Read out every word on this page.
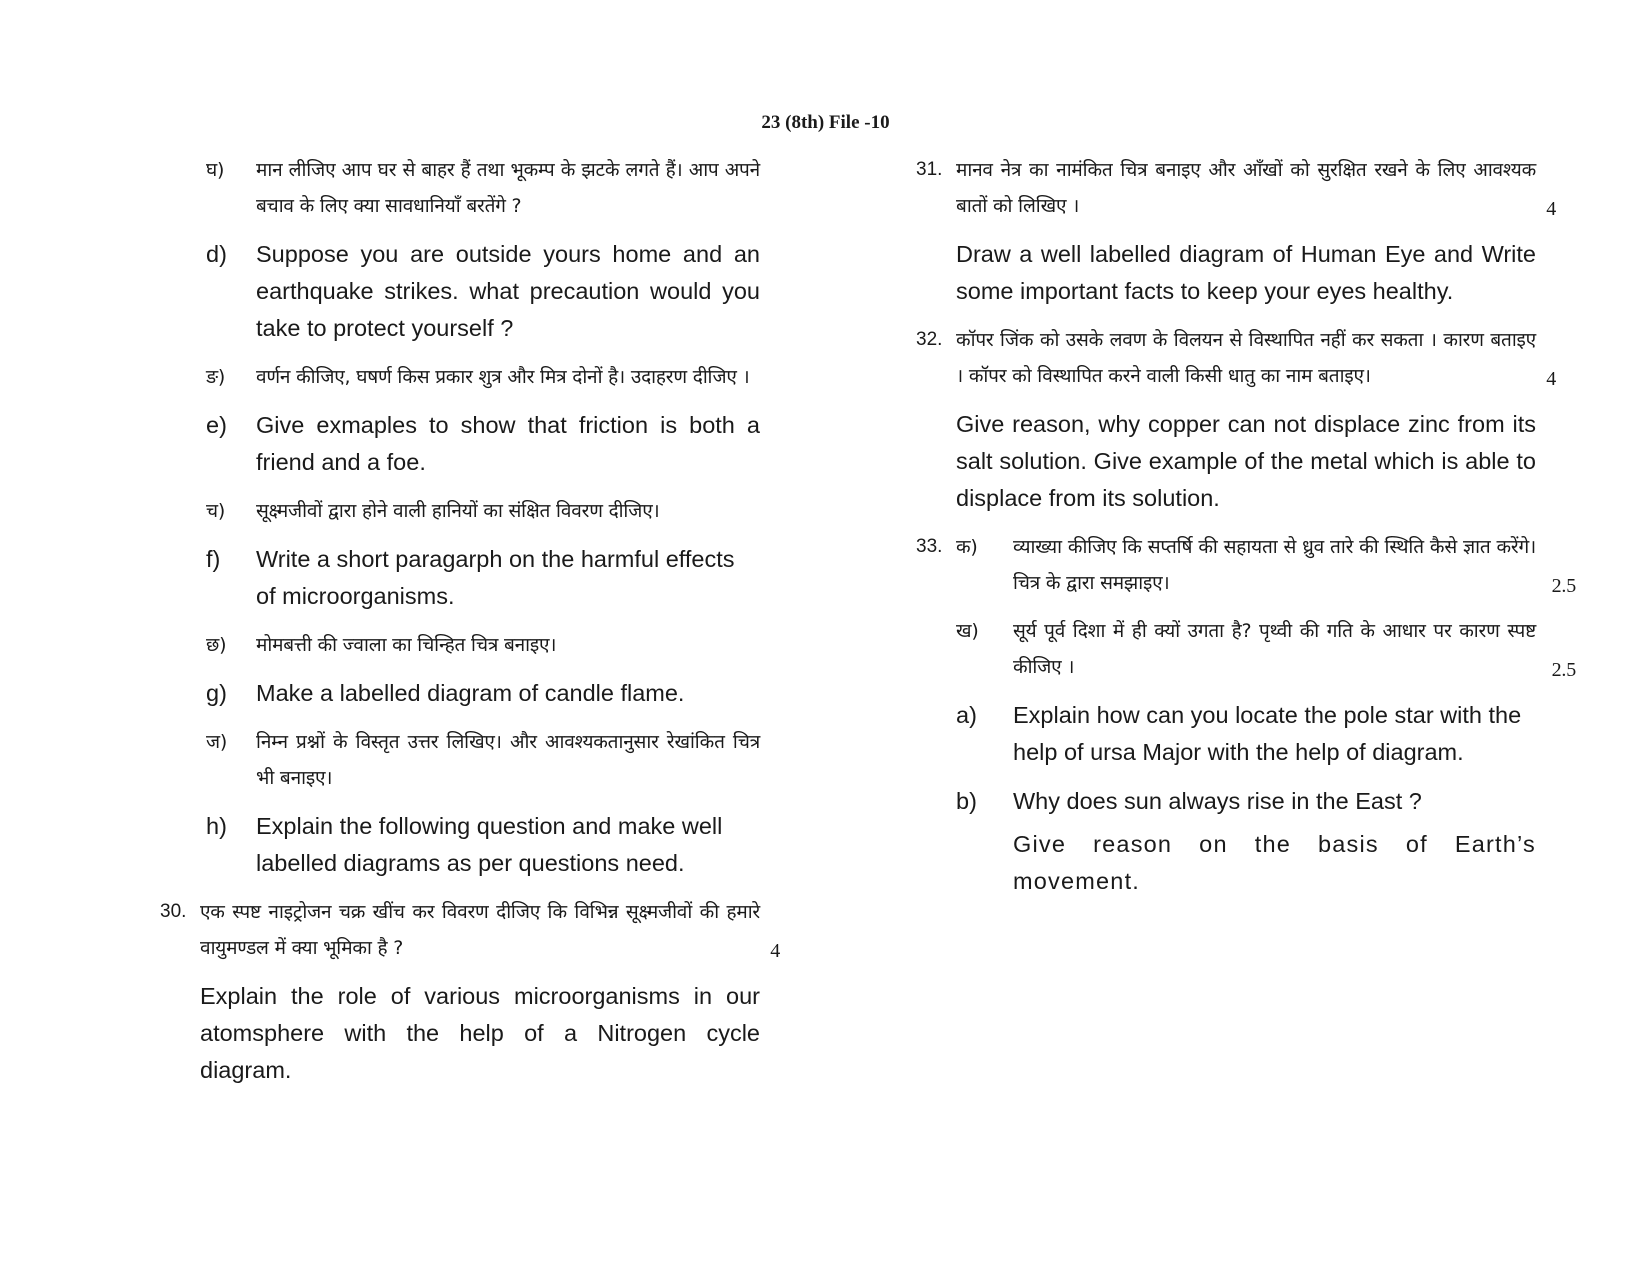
23 (8th) File -10
घ)	मान लीजिए आप घर से बाहर हैं तथा भूकम्प के झटके लगते हैं। आप अपने बचाव के लिए क्या सावधानियाँ बरतेंगे ?
d)	Suppose you are outside yours home and an earthquake strikes. what precaution would you take to protect yourself ?
ङ)	वर्णन कीजिए, घषर्ण किस प्रकार शुत्र और मित्र दोनों है। उदाहरण दीजिए ।
e)	Give exmaples to show that friction is both a friend and a foe.
च)	सूक्ष्मजीवों द्वारा होने वाली हानियों का संक्षित विवरण दीजिए।
f)	Write a short paragarph on the harmful effects of microorganisms.
छ)	मोमबत्ती की ज्वाला का चिन्हित चित्र बनाइए।
g)	Make a labelled diagram of candle flame.
ज)	निम्न प्रश्नों के विस्तृत उत्तर लिखिए। और आवश्यकतानुसार रेखांकित चित्र भी बनाइए।
h)	Explain the following question and make well labelled diagrams as per questions need.
30. एक स्पष्ट नाइट्रोजन चक्र खींच कर विवरण दीजिए कि विभिन्न सूक्ष्मजीवों की हमारे वायुमण्डल में क्या भूमिका है ?	4
Explain the role of various microorganisms in our atomsphere with the help of a Nitrogen cycle diagram.
31. मानव नेत्र का नामंकित चित्र बनाइए और आँखों को सुरक्षित रखने के लिए आवश्यक बातों को लिखिए ।	4
Draw a well labelled diagram of Human Eye and Write some important facts to keep your eyes healthy.
32. कॉपर जिंक को उसके लवण के विलयन से विस्थापित नहीं कर सकता । कारण बताइए । कॉपर को विस्थापित करने वाली किसी धातु का नाम बताइए।	4
Give reason, why copper can not displace zinc from its salt solution. Give example of the metal which is able to displace from its solution.
33. क)	व्याख्या कीजिए कि सप्तर्षि की सहायता से ध्रुव तारे की स्थिति कैसे ज्ञात करेंगे। चित्र के द्वारा समझाइए।	2.5
ख)	सूर्य पूर्व दिशा में ही क्यों उगता है? पृथ्वी की गति के आधार पर कारण स्पष्ट कीजिए ।	2.5
a)	Explain how can you locate the pole star with the help of ursa Major with the help of diagram.
b)	Why does sun always rise in the East ?
Give reason on the basis of Earth’s movement.
